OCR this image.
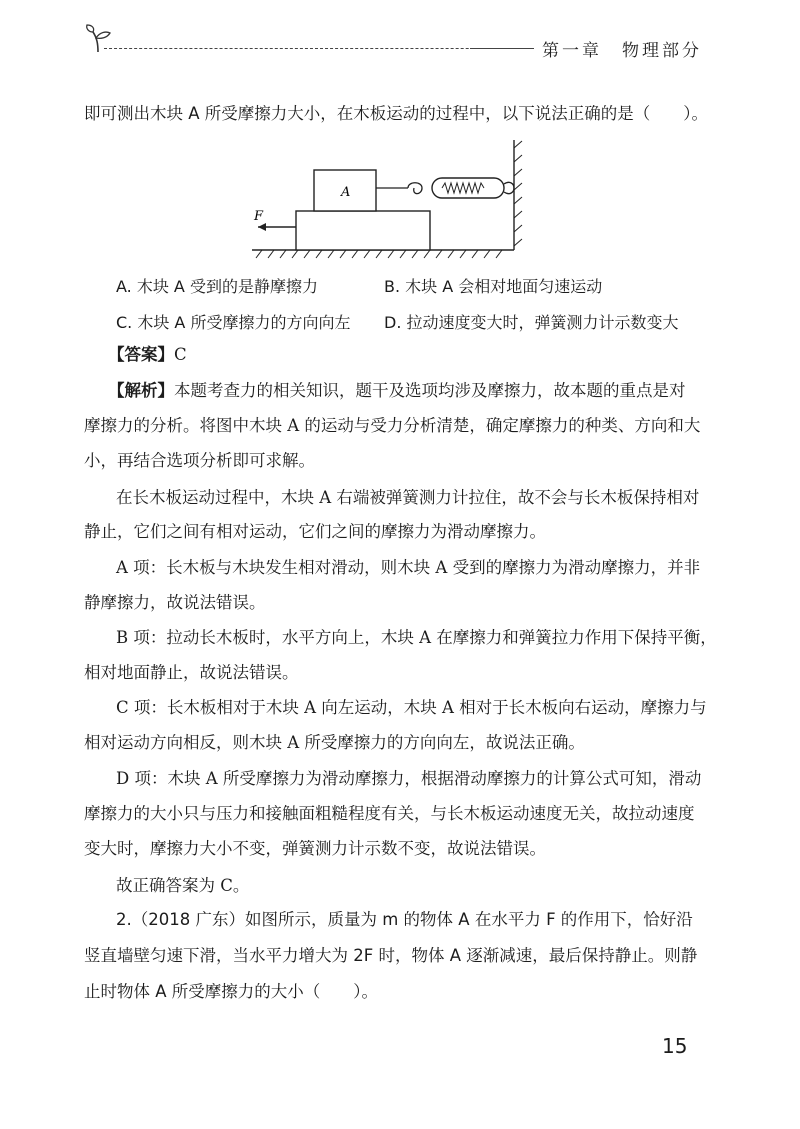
第一章　物理部分
即可测出木块 A 所受摩擦力大小，在木板运动的过程中，以下说法正确的是（　　）。
A
F
A. 木块 A 受到的是静摩擦力	B. 木块 A 会相对地面匀速运动
C. 木块 A 所受摩擦力的方向向左 D. 拉动速度变大时，弹簧测力计示数变大
【答案】C
【解析】本题考查力的相关知识，题干及选项均涉及摩擦力，故本题的重点是对
摩擦力的分析。将图中木块 A 的运动与受力分析清楚，确定摩擦力的种类、方向和大
小，再结合选项分析即可求解。
在长木板运动过程中，木块 A 右端被弹簧测力计拉住，故不会与长木板保持相对
静止，它们之间有相对运动，它们之间的摩擦力为滑动摩擦力。
A 项：长木板与木块发生相对滑动，则木块 A 受到的摩擦力为滑动摩擦力，并非
静摩擦力，故说法错误。
B 项：拉动长木板时，水平方向上，木块 A 在摩擦力和弹簧拉力作用下保持平衡，
相对地面静止，故说法错误。
C 项：长木板相对于木块 A 向左运动，木块 A 相对于长木板向右运动，摩擦力与
相对运动方向相反，则木块 A 所受摩擦力的方向向左，故说法正确。
D 项：木块 A 所受摩擦力为滑动摩擦力，根据滑动摩擦力的计算公式可知，滑动
摩擦力的大小只与压力和接触面粗糙程度有关，与长木板运动速度无关，故拉动速度
变大时，摩擦力大小不变，弹簧测力计示数不变，故说法错误。
故正确答案为 C。
2.（2018 广东）如图所示，质量为 m 的物体 A 在水平力 F 的作用下，恰好沿
竖直墙壁匀速下滑，当水平力增大为 2F 时，物体 A 逐渐减速，最后保持静止。则静
止时物体 A 所受摩擦力的大小（　　）。
15
